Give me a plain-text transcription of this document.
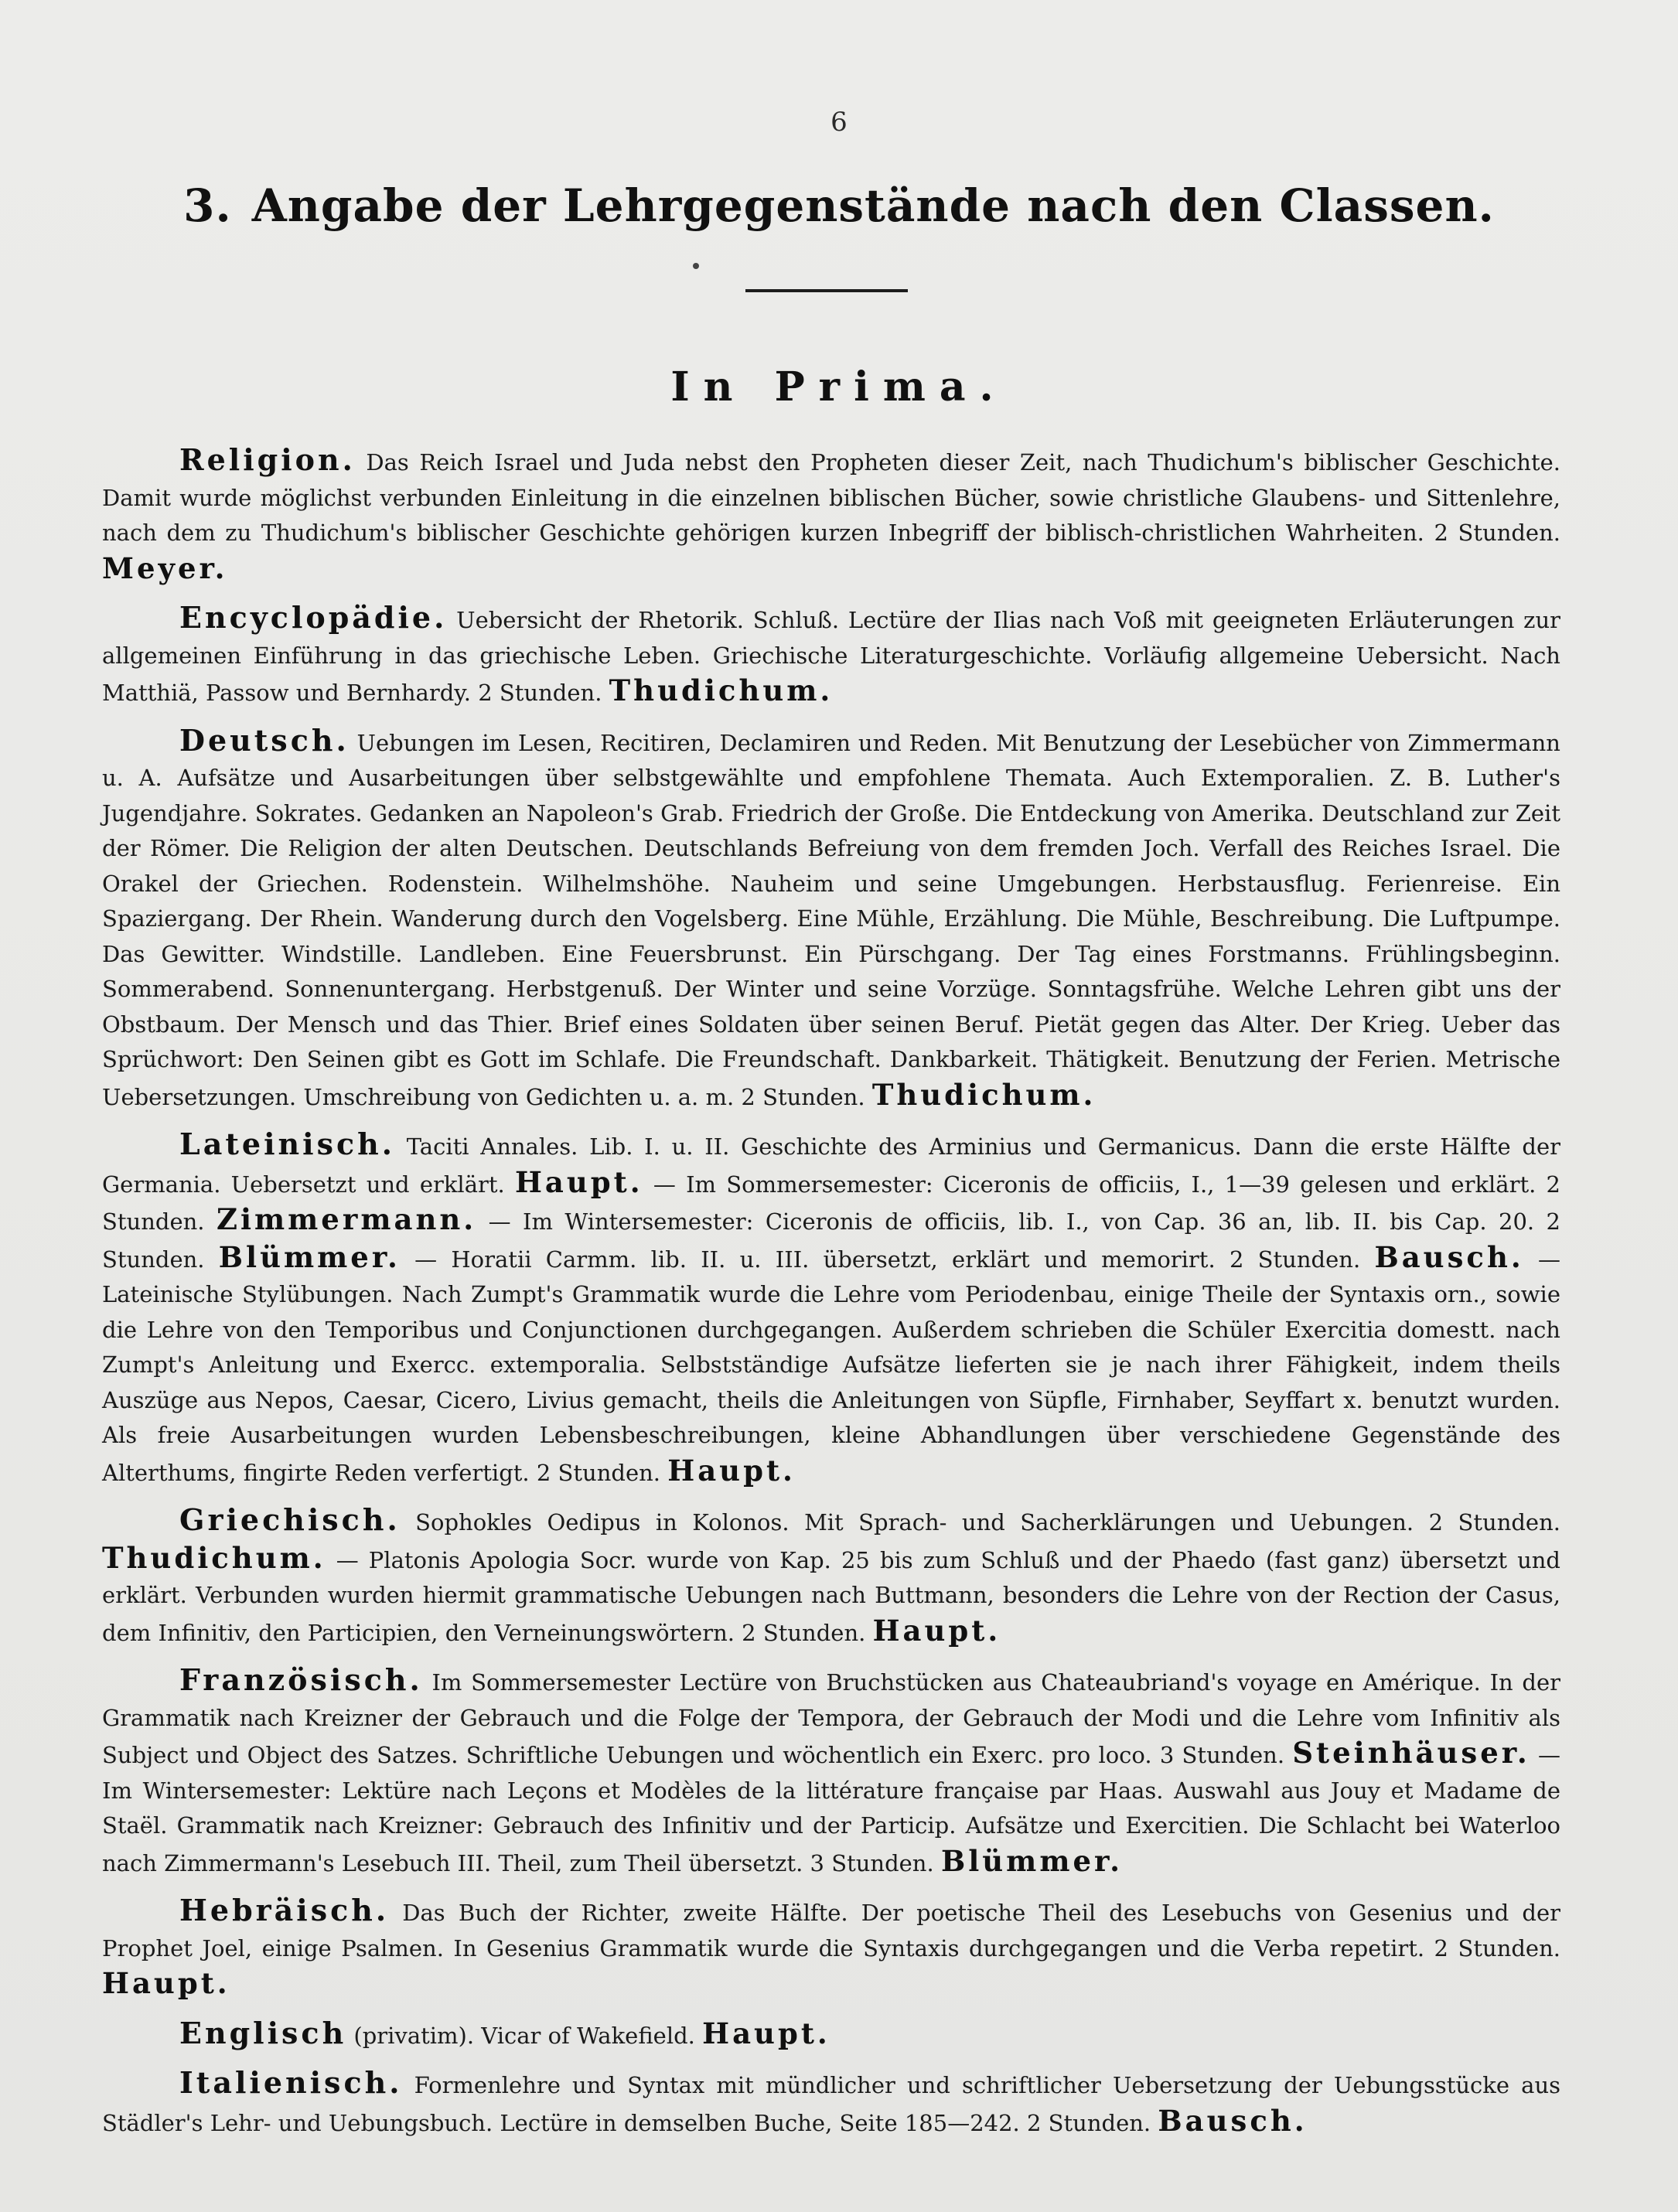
6
3. Angabe der Lehrgegenstände nach den Classen.
In Prima.

Religion. Das Reich Israel und Juda nebst den Propheten dieser Zeit, nach Thudichum's biblischer Geschichte. Damit wurde möglichst verbunden Einleitung in die einzelnen biblischen Bücher, sowie christliche Glaubens- und Sittenlehre, nach dem zu Thudichum's biblischer Geschichte gehörigen kurzen Inbegriff der biblisch-christlichen Wahrheiten. 2 Stunden. Meyer.

Encyclopädie. Uebersicht der Rhetorik. Schluß. Lectüre der Ilias nach Voß mit geeigneten Erläuterungen zur allgemeinen Einführung in das griechische Leben. Griechische Literaturgeschichte. Vorläufig allgemeine Uebersicht. Nach Matthiä, Passow und Bernhardy. 2 Stunden. Thudichum.

Deutsch. Uebungen im Lesen, Recitiren, Declamiren und Reden. Mit Benutzung der Lesebücher von Zimmermann u. A. Aufsätze und Ausarbeitungen über selbstgewählte und empfohlene Themata. Auch Extemporalien. Z. B. Luther's Jugendjahre. Sokrates. Gedanken an Napoleon's Grab. Friedrich der Große. Die Entdeckung von Amerika. Deutschland zur Zeit der Römer. Die Religion der alten Deutschen. Deutschlands Befreiung von dem fremden Joch. Verfall des Reiches Israel. Die Orakel der Griechen. Rodenstein. Wilhelmshöhe. Nauheim und seine Umgebungen. Herbstausflug. Ferienreise. Ein Spaziergang. Der Rhein. Wanderung durch den Vogelsberg. Eine Mühle, Erzählung. Die Mühle, Beschreibung. Die Luftpumpe. Das Gewitter. Windstille. Landleben. Eine Feuersbrunst. Ein Pürschgang. Der Tag eines Forstmanns. Frühlingsbeginn. Sommerabend. Sonnenuntergang. Herbstgenuß. Der Winter und seine Vorzüge. Sonntagsfrühe. Welche Lehren gibt uns der Obstbaum. Der Mensch und das Thier. Brief eines Soldaten über seinen Beruf. Pietät gegen das Alter. Der Krieg. Ueber das Sprüchwort: Den Seinen gibt es Gott im Schlafe. Die Freundschaft. Dankbarkeit. Thätigkeit. Benutzung der Ferien. Metrische Uebersetzungen. Umschreibung von Gedichten u. a. m. 2 Stunden. Thudichum.

Lateinisch. Taciti Annales. Lib. I. u. II. Geschichte des Arminius und Germanicus. Dann die erste Hälfte der Germania. Uebersetzt und erklärt. Haupt. — Im Sommersemester: Ciceronis de officiis, I., 1—39 gelesen und erklärt. 2 Stunden. Zimmermann. — Im Wintersemester: Ciceronis de officiis, lib. I., von Cap. 36 an, lib. II. bis Cap. 20. 2 Stunden. Blümmer. — Horatii Carmm. lib. II. u. III. übersetzt, erklärt und memorirt. 2 Stunden. Bausch. — Lateinische Stylübungen. Nach Zumpt's Grammatik wurde die Lehre vom Periodenbau, einige Theile der Syntaxis orn., sowie die Lehre von den Temporibus und Conjunctionen durchgegangen. Außerdem schrieben die Schüler Exercitia domestt. nach Zumpt's Anleitung und Exercc. extemporalia. Selbstständige Aufsätze lieferten sie je nach ihrer Fähigkeit, indem theils Auszüge aus Nepos, Caesar, Cicero, Livius gemacht, theils die Anleitungen von Süpfle, Firnhaber, Seyffart x. benutzt wurden. Als freie Ausarbeitungen wurden Lebensbeschreibungen, kleine Abhandlungen über verschiedene Gegenstände des Alterthums, fingirte Reden verfertigt. 2 Stunden. Haupt.

Griechisch. Sophokles Oedipus in Kolonos. Mit Sprach- und Sacherklärungen und Uebungen. 2 Stunden. Thudichum. — Platonis Apologia Socr. wurde von Kap. 25 bis zum Schluß und der Phaedo (fast ganz) übersetzt und erklärt. Verbunden wurden hiermit grammatische Uebungen nach Buttmann, besonders die Lehre von der Rection der Casus, dem Infinitiv, den Participien, den Verneinungswörtern. 2 Stunden. Haupt.

Französisch. Im Sommersemester Lectüre von Bruchstücken aus Chateaubriand's voyage en Amérique. In der Grammatik nach Kreizner der Gebrauch und die Folge der Tempora, der Gebrauch der Modi und die Lehre vom Infinitiv als Subject und Object des Satzes. Schriftliche Uebungen und wöchentlich ein Exerc. pro loco. 3 Stunden. Steinhäuser. — Im Wintersemester: Lektüre nach Leçons et Modèles de la littérature française par Haas. Auswahl aus Jouy et Madame de Staël. Grammatik nach Kreizner: Gebrauch des Infinitiv und der Particip. Aufsätze und Exercitien. Die Schlacht bei Waterloo nach Zimmermann's Lesebuch III. Theil, zum Theil übersetzt. 3 Stunden. Blümmer.

Hebräisch. Das Buch der Richter, zweite Hälfte. Der poetische Theil des Lesebuchs von Gesenius und der Prophet Joel, einige Psalmen. In Gesenius Grammatik wurde die Syntaxis durchgegangen und die Verba repetirt. 2 Stunden. Haupt.

Englisch (privatim). Vicar of Wakefield. Haupt.

Italienisch. Formenlehre und Syntax mit mündlicher und schriftlicher Uebersetzung der Uebungsstücke aus Städler's Lehr- und Uebungsbuch. Lectüre in demselben Buche, Seite 185—242. 2 Stunden. Bausch.
